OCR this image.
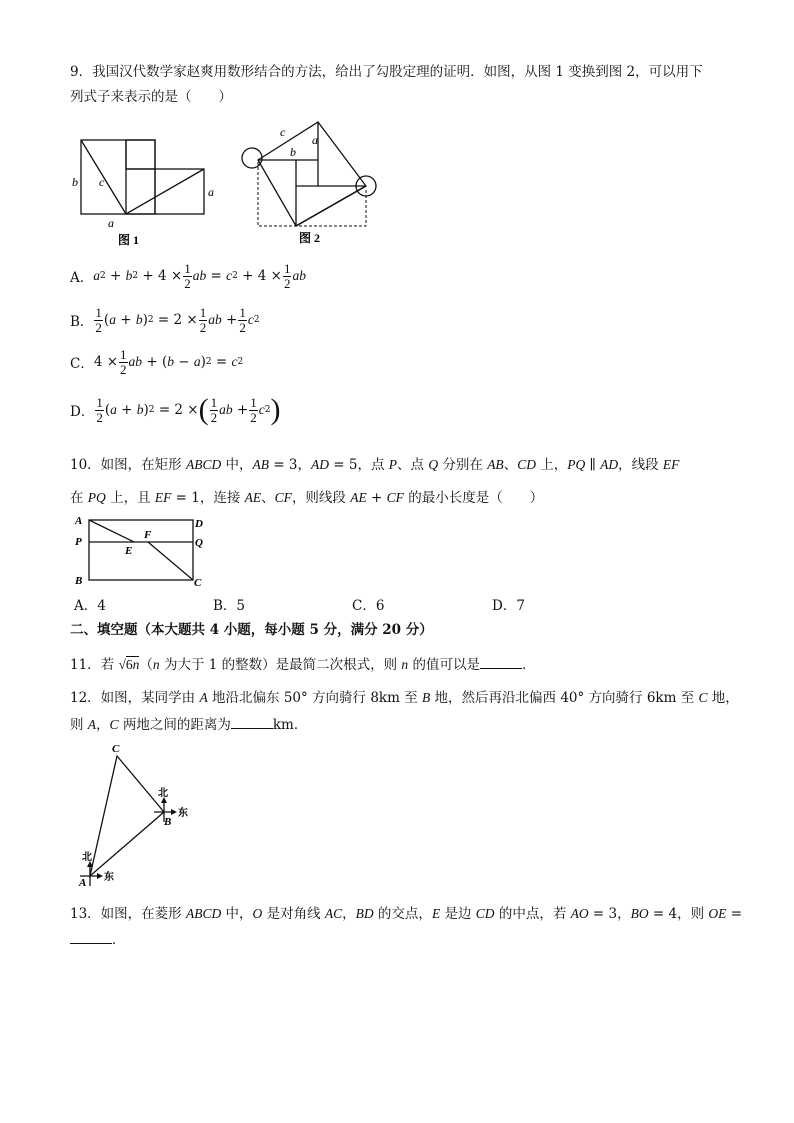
9．我国汉代数学家赵爽用数形结合的方法，给出了勾股定理的证明．如图，从图 1 变换到图 2，可以用下
列式子来表示的是（　　）
b c
a
a
图 1
c
b
a
图 2
A． a 2 + b $2 + 4 \times \frac{1}{2}$ ab = c $2 + 4 \times \frac{1}{2}$ ab
B． $\frac{1}{2}$ ( a + b ) $2 = 2 \times \frac{1}{2}$ ab + $\frac{1}{2}$ c 2
C． $4 \times \frac{1}{2}$ ab + ( b − a ) 2 = c 2
D． $\frac{1}{2}$ ( a + b ) 2 = 2 × ( $\frac{1}{2}$ ab + $\frac{1}{2}$ c 2 )
10．如图，在矩形 ABCD 中，AB = 3，AD = 5，点 P、点 Q 分别在 AB、CD 上，PQ ∥ AD，线段 EF
在 PQ 上，且 EF = 1，连接 AE、CF，则线段 AE + CF 的最小长度是（　　）
A	D
P	Q
E
F
B	C
A．4	B．5	C．6	D．7
二、填空题（本大题共 4 小题，每小题 5 分，满分 20 分）
11．若 √6n（n 为大于 1 的整数）是最简二次根式，则 n 的值可以是	．
12．如图，某同学由 A 地沿北偏东 50° 方向骑行 8km 至 B 地，然后再沿北偏西 40° 方向骑行 6km 至 C 地，
则 A，C 两地之间的距离为	km．
C
B
A
北
东
北
东
13．如图，在菱形 ABCD 中，O 是对角线 AC，BD 的交点，E 是边 CD 的中点，若 AO = 3，BO = 4，则 OE =
．
